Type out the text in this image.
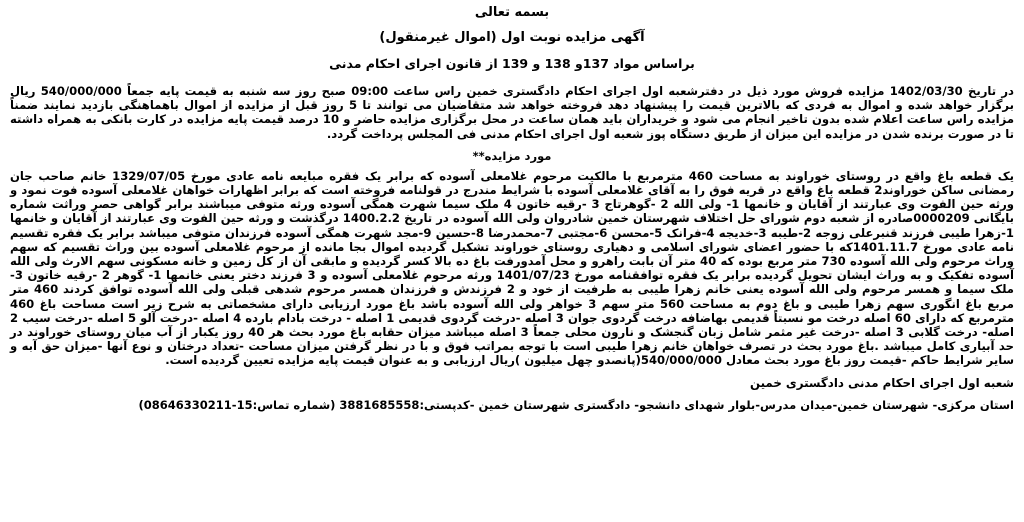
بسمه تعالی
آگهی مزایده نوبت اول (اموال غیرمنقول)
براساس مواد 137و 138 و 139 از قانون اجرای احکام مدنی

در تاریخ 1402/03/30 مزایده فروش مورد ذیل در دفترشعبه اول اجرای احکام دادگستری خمین راس ساعت 09:00 صبح روز سه شنبه به قیمت پایه جمعاً 540/000/000 ریال برگزار خواهد شده و اموال به فردی که بالاترین قیمت را پیشنهاد دهد فروخته خواهد شد متقاضیان می توانند تا 5 روز قبل از مزایده از اموال باهماهنگی بازدید نمایند ضمناً مزایده راس ساعت اعلام شده بدون تاخیر انجام می شود و خریداران باید همان ساعت در محل برگزاری مزایده حاضر و 10 درصد قیمت پایه مزایده در کارت بانکی به همراه داشته تا در صورت برنده شدن در مزایده این میزان از طریق دستگاه پوز شعبه اول اجرای احکام مدنی فی المجلس پرداخت گردد.

مورد مزایده**

یک قطعه باغ واقع در روستای خوراوند به مساحت 460 مترمربع با مالکیت مرحوم غلامعلی آسوده که برابر یک فقره مبایعه نامه عادی مورخ 1329/07/05 خانم صاحب جان رمضانی ساکن خوراوند2 قطعه باغ واقع در قریه فوق را به آقای غلامعلی آسوده با شرایط مندرج در قولنامه فروخته است که برابر اظهارات خواهان غلامعلی آسوده فوت نمود و ورثه حین الفوت وی عبارتند از آقایان و خانمها 1- ولی الله 2 -گوهرتاج 3 -رقیه خاتون 4 ملک سیما شهرت همگی آسوده ورثه متوفی میباشند برابر گواهی حصر وراثت شماره بایگانی 0000209صادره از شعبه دوم شورای حل اختلاف شهرستان خمین شادروان ولی الله آسوده در تاریخ 1400.2.2 درگذشت و ورثه حین الفوت وی عبارتند از آقایان و خانمها 1-زهرا طیبی فرزند قنبرعلی زوجه 2-طیبه 3-خدیجه 4-فرانک 5-محسن 6-مجتبی 7-محمدرضا 8-حسین 9-مجد شهرت همگی آسوده فرزندان متوفی میباشد برابر یک فقره تقسیم نامه عادی مورخ 1401.11.7که با حضور اعضای شورای اسلامی و دهیاری روستای خوراوند تشکیل گردیده اموال بجا مانده از مرحوم غلامعلی آسوده بین وراث تقسیم که سهم وراث مرحوم ولی الله آسوده 730 متر مربع بوده که 40 متر آن بابت راهرو و محل آمدورفت باغ ده بالا کسر گردیده و مابقی آن از کل زمین و خانه مسکونی سهم الارث ولی الله آسوده تفکیک و به وراث ایشان تحویل گردیده برابر یک فقره توافقنامه مورخ 1401/07/23 ورثه مرحوم غلامعلی آسوده و 3 فرزند دختر یعنی خانمها 1- گوهر 2 -رقیه خاتون 3-ملک سیما و همسر مرحوم ولی الله آسوده یعنی خانم زهرا طیبی به طرفیت از خود و 2 فرزندش و فرزندان همسر مرحوم شدهی قبلی ولی الله آسوده توافق کردند 460 متر مربع باغ انگوری سهم زهرا طیبی و باغ دوم به مساحت 560 متر سهم 3 خواهر ولی الله آسوده باشد باغ مورد ارزیابی دارای مشخصاتی به شرح زیر است مساحت باغ 460 مترمربع که دارای 60 اصله درخت مو نسبتاً قدیمی بهاضافه درخت گردوی جوان 3 اصله -درخت گردوی قدیمی 1 اصله - درخت بادام بارده 4 اصله -درخت آلو 5 اصله -درخت سیب 2 اصله- درخت گلابی 3 اصله -درخت غیر مثمر شامل زبان گنجشک و نارون محلی جمعاً 3 اصله میباشد میزان حقابه باغ مورد بحث هر 40 روز یکبار از آب میان روستای خوراوند در حد آبیاری کامل میباشد .باغ مورد بحث در تصرف خواهان خانم زهرا طیبی است با توجه بمراتب فوق و با در نظر گرفتن میزان مساحت -تعداد درختان و نوع آنها -میزان حق آبه و سایر شرایط حاکم -قیمت روز باغ مورد بحث معادل 540/000/000(پانصدو چهل میلیون )ریال ارزیابی و به عنوان قیمت پایه مزایده تعیین گردیده است.

شعبه اول اجرای احکام مدنی دادگستری خمین
استان مرکزی- شهرستان خمین-میدان مدرس-بلوار شهدای دانشجو- دادگستری شهرستان خمین -کدپستی:3881685558 (شماره تماس:15-08646330211)
